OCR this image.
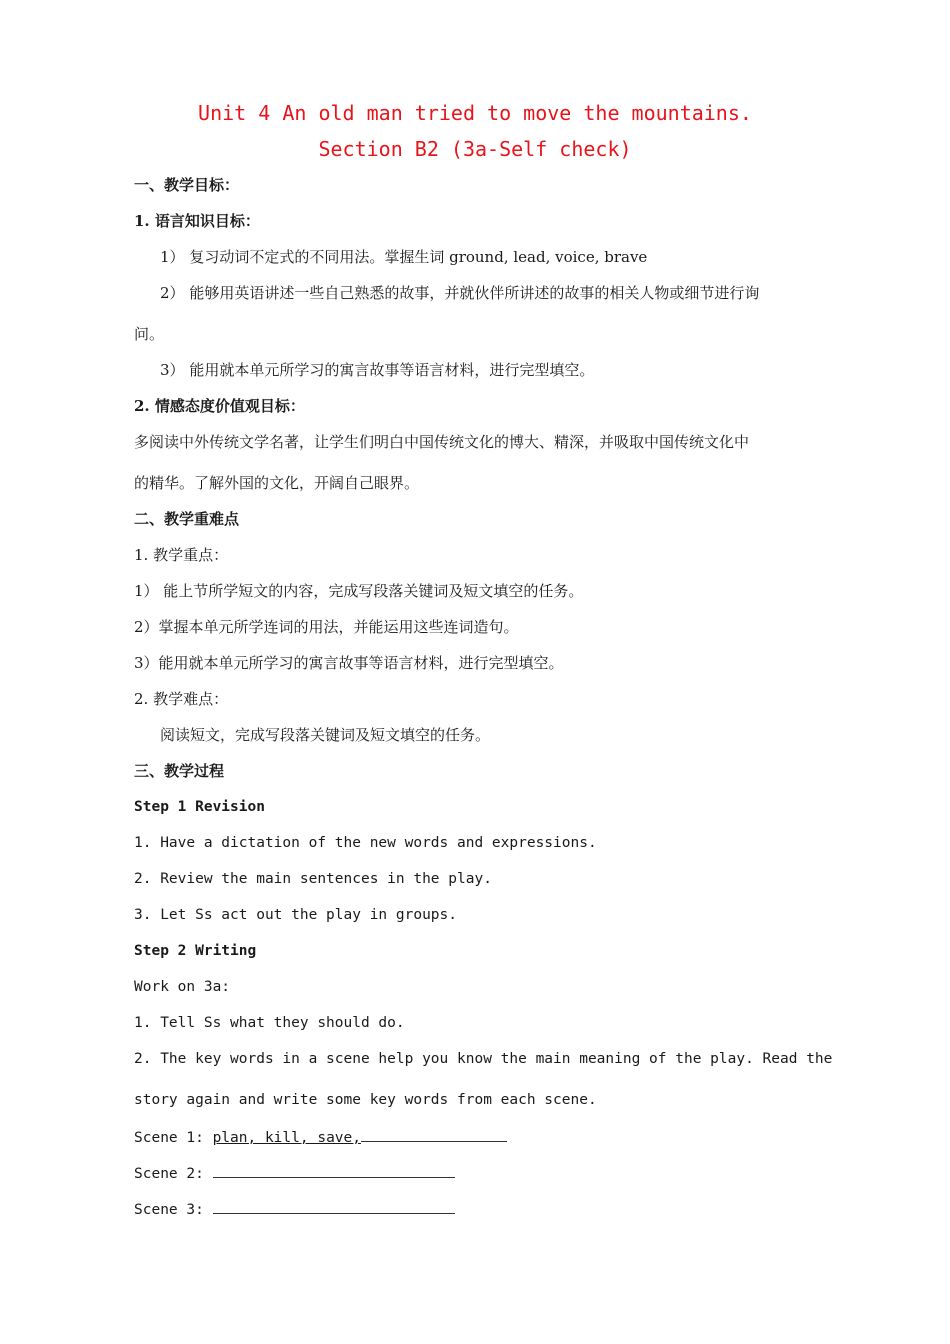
Unit 4 An old man tried to move the mountains.
Section B2 (3a-Self check)
一、教学目标：
1. 语言知识目标：
1） 复习动词不定式的不同用法。掌握生词 ground, lead, voice, brave
2） 能够用英语讲述一些自己熟悉的故事，并就伙伴所讲述的故事的相关人物或细节进行询
问。
3） 能用就本单元所学习的寓言故事等语言材料，进行完型填空。
2. 情感态度价值观目标：
多阅读中外传统文学名著，让学生们明白中国传统文化的博大、精深，并吸取中国传统文化中
的精华。了解外国的文化，开阔自己眼界。
二、教学重难点
1. 教学重点：
1） 能上节所学短文的内容，完成写段落关键词及短文填空的任务。
2）掌握本单元所学连词的用法，并能运用这些连词造句。
3）能用就本单元所学习的寓言故事等语言材料，进行完型填空。
2. 教学难点：
阅读短文，完成写段落关键词及短文填空的任务。
三、教学过程
Step 1 Revision
1. Have a dictation of the new words and expressions.
2. Review the main sentences in the play.
3. Let Ss act out the play in groups.
Step 2 Writing
Work on 3a:
1. Tell Ss what they should do.
2. The key words in a scene help you know the main meaning of the play. Read the
story again and write some key words from each scene.
Scene 1: plan, kill, save,
Scene 2:
Scene 3:
